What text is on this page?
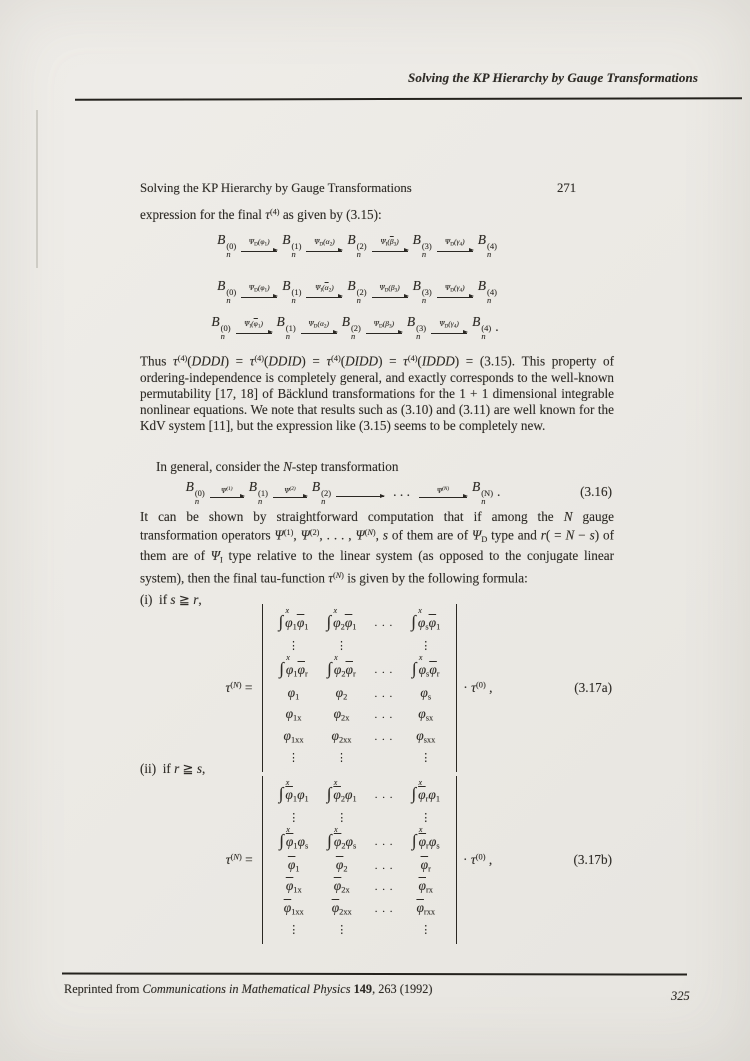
Solving the KP Hierarchy by Gauge Transformations
Solving the KP Hierarchy by Gauge Transformations	271
expression for the final $\tau^{(4)}$ as given by (3.15):
B (0)
n
$\Psi_D(\varphi_1)$ B (1)
n
$\Psi_D(\alpha_2)$ B (2)
n
$\Psi_I(\overline{\beta}_3)$ B (3)
n
$\Psi_D(\gamma_4)$ B (4)
n
B (0)
n
$\Psi_D(\varphi_1)$ B (1)
n
$\Psi_I(\overline{\alpha}_2)$ B (2)
n
$\Psi_D(\beta_3)$ B (3)
n
$\Psi_D(\gamma_4)$ B (4)
n
B (0)
n
$\Psi_I(\overline{\varphi}_1)$ B (1)
n
$\Psi_D(\alpha_2)$ B (2)
n
$\Psi_D(\beta_3)$ B (3)
n
$\Psi_D(\gamma_4)$ B (4)
n
.
Thus $\tau^{(4)}(DDDI)$ = $\tau^{(4)}(DDID)$ = $\tau^{(4)}(DIDD)$ = $\tau^{(4)}(IDDD) = (3.15)$. This property of ordering-independence is completely general, and exactly corresponds to the well-known permutability [17, 18] of Bäcklund transformations for the 1 + 1 dimensional integrable nonlinear equations. We note that results such as (3.10) and (3.11) are well known for the KdV system [11], but the expression like (3.15) seems to be completely new.
In general, consider the N-step transformation
B (0)
n
$\Psi^{(1)}$ B (1)
n
$\Psi^{(2)}$ B (2)
n
. . .	$\Psi^{(N)}$ B (N)
n
.	(3.16)
It can be shown by straightforward computation that if among the N gauge transformation operators $\Psi^{(1)}$, $\Psi^{(2)}$, . . . , $\Psi^{(N)}$, s of them are of $\Psi_D$ type and r( = N − s) of them are of $\Psi_I$ type relative to the linear system (as opposed to the conjugate linear system), then the final tau-function $\tau^{(N)}$ is given by the following formula:
(i)  if s ≧ r,
$\tau^{(N)}$ =
∫
x
$\varphi_1\overline{\varphi}_1$	∫
x
$\varphi_2\overline{\varphi}_1$	. . .	∫
x
$\varphi_s\overline{\varphi}_1$
⋮	⋮	⋮
∫
x
$\varphi_1\overline{\varphi}_r$	∫
x
$\varphi_2\overline{\varphi}_r$	. . .	∫
x
$\varphi_s\overline{\varphi}_r$
$\varphi_1$	$\varphi_2$	. . .	$\varphi_s$
$\varphi_{1x}$	$\varphi_{2x}$	. . .	$\varphi_{sx}$
$\varphi_{1xx}$	$\varphi_{2xx}$	. . .	$\varphi_{sxx}$
⋮	⋮	⋮
· $\tau^{(0)}$ ,	(3.17a)
(ii)  if r ≧ s,
$\tau^{(N)}$ =
∫
x
$\overline{\varphi}_1\varphi_1$	∫
x
$\overline{\varphi}_2\varphi_1$	. . .	∫
x
$\overline{\varphi}_r\varphi_1$
⋮	⋮	⋮
∫
x
$\overline{\varphi}_1\varphi_s$	∫
x
$\overline{\varphi}_2\varphi_s$	. . .	∫
x
$\overline{\varphi}_r\varphi_s$
$\overline{\varphi}_1$	$\overline{\varphi}_2$	. . .	$\overline{\varphi}_r$
$\overline{\varphi}_{1x}$	$\overline{\varphi}_{2x}$	. . .	$\overline{\varphi}_{rx}$
$\overline{\varphi}_{1xx}$	$\overline{\varphi}_{2xx}$	. . .	$\overline{\varphi}_{rxx}$
⋮	⋮	⋮
· $\tau^{(0)}$ ,	(3.17b)
Reprinted from Communications in Mathematical Physics 149, 263 (1992)	325
